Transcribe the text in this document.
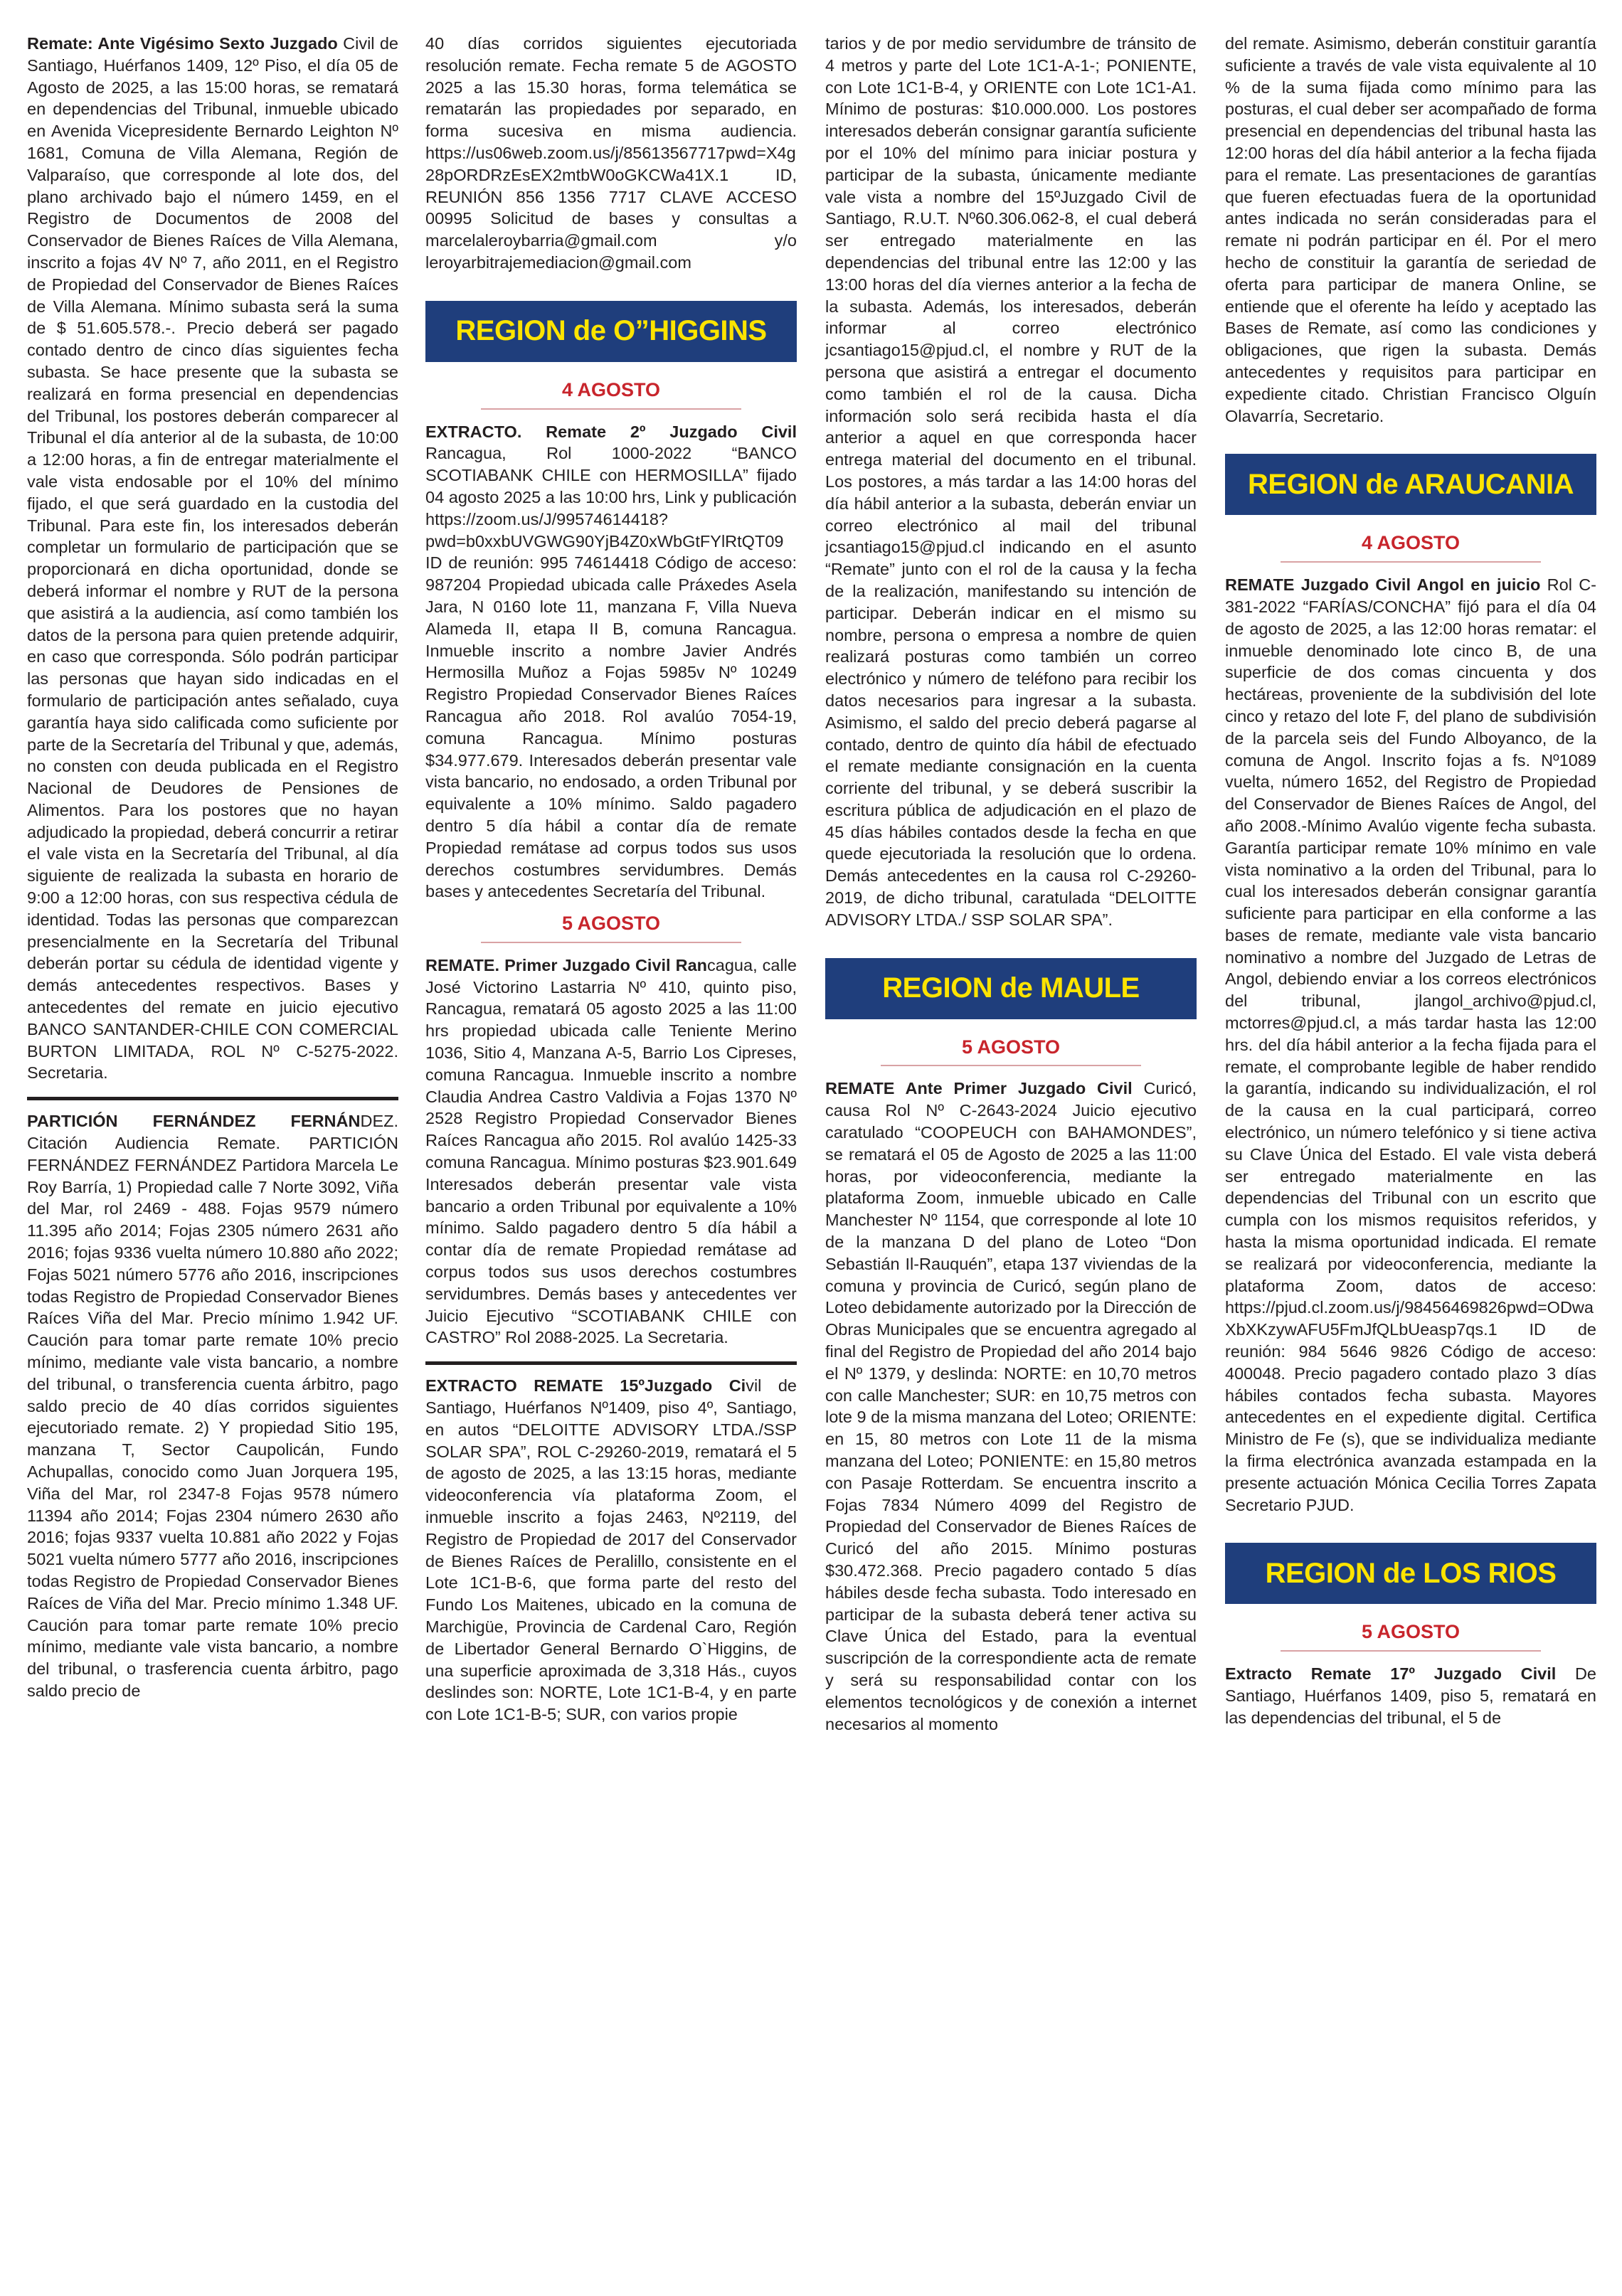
Remate: Ante Vigésimo Sexto Juzgado Civil de Santiago, Huérfanos 1409, 12º Piso, el día 05 de Agosto de 2025, a las 15:00 horas, se rematará en dependencias del Tribunal, inmueble ubicado en Avenida Vicepresidente Bernardo Leighton Nº 1681, Comuna de Villa Alemana, Región de Valparaíso, que corresponde al lote dos, del plano archivado bajo el número 1459, en el Registro de Documentos de 2008 del Conservador de Bienes Raíces de Villa Alemana, inscrito a fojas 4V Nº 7, año 2011, en el Registro de Propiedad del Conservador de Bienes Raíces de Villa Alemana. Mínimo subasta será la suma de $ 51.605.578.-. Precio deberá ser pagado contado dentro de cinco días siguientes fecha subasta. Se hace presente que la subasta se realizará en forma presencial en dependencias del Tribunal, los postores deberán comparecer al Tribunal el día anterior al de la subasta, de 10:00 a 12:00 horas, a fin de entregar materialmente el vale vista endosable por el 10% del mínimo fijado, el que será guardado en la custodia del Tribunal. Para este fin, los interesados deberán completar un formulario de participación que se proporcionará en dicha oportunidad, donde se deberá informar el nombre y RUT de la persona que asistirá a la audiencia, así como también los datos de la persona para quien pretende adquirir, en caso que corresponda. Sólo podrán participar las personas que hayan sido indicadas en el formulario de participación antes señalado, cuya garantía haya sido calificada como suficiente por parte de la Secretaría del Tribunal y que, además, no consten con deuda publicada en el Registro Nacional de Deudores de Pensiones de Alimentos. Para los postores que no hayan adjudicado la propiedad, deberá concurrir a retirar el vale vista en la Secretaría del Tribunal, al día siguiente de realizada la subasta en horario de 9:00 a 12:00 horas, con sus respectiva cédula de identidad. Todas las personas que comparezcan presencialmente en la Secretaría del Tribunal deberán portar su cédula de identidad vigente y demás antecedentes respectivos. Bases y antecedentes del remate en juicio ejecutivo BANCO SANTANDER-CHILE CON COMERCIAL BURTON LIMITADA, ROL Nº C-5275-2022. Secretaria.

PARTICIÓN FERNÁNDEZ FERNÁNDEZ. Citación Audiencia Remate. PARTICIÓN FERNÁNDEZ FERNÁNDEZ Partidora Marcela Le Roy Barría, 1) Propiedad calle 7 Norte 3092, Viña del Mar, rol 2469 - 488. Fojas 9579 número 11.395 año 2014; Fojas 2305 número 2631 año 2016; fojas 9336 vuelta número 10.880 año 2022; Fojas 5021 número 5776 año 2016, inscripciones todas Registro de Propiedad Conservador Bienes Raíces Viña del Mar. Precio mínimo 1.942 UF. Caución para tomar parte remate 10% precio mínimo, mediante vale vista bancario, a nombre del tribunal, o transferencia cuenta árbitro, pago saldo precio de 40 días corridos siguientes ejecutoriado remate. 2) Y propiedad Sitio 195, manzana T, Sector Caupolicán, Fundo Achupallas, conocido como Juan Jorquera 195, Viña del Mar, rol 2347-8 Fojas 9578 número 11394 año 2014; Fojas 2304 número 2630 año 2016; fojas 9337 vuelta 10.881 año 2022 y Fojas 5021 vuelta número 5777 año 2016, inscripciones todas Registro de Propiedad Conservador Bienes Raíces de Viña del Mar. Precio mínimo 1.348 UF. Caución para tomar parte remate 10% precio mínimo, mediante vale vista bancario, a nombre del tribunal, o trasferencia cuenta árbitro, pago saldo precio de

40 días corridos siguientes ejecutoriada resolución remate. Fecha remate 5 de AGOSTO 2025 a las 15.30 horas, forma telemática se rematarán las propiedades por separado, en forma sucesiva en misma audiencia. https://us06web.zoom.us/j/85613567717pwd=X4g28pORDRzEsEX2mtbW0oGKCWa41X.1 ID, REUNIÓN 856 1356 7717 CLAVE ACCESO 00995 Solicitud de bases y consultas a marcelaleroybarria@gmail.com y/o leroyarbitrajemediacion@gmail.com

REGION de O”HIGGINS
4 AGOSTO

EXTRACTO. Remate 2º Juzgado Civil Rancagua, Rol 1000-2022 “BANCO SCOTIABANK CHILE con HERMOSILLA” fijado 04 agosto 2025 a las 10:00 hrs, Link y publicación https://zoom.us/J/99574614418?pwd=b0xxbUVGWG90YjB4Z0xWbGtFYlRtQT09 ID de reunión: 995 74614418 Código de acceso: 987204 Propiedad ubicada calle Práxedes Asela Jara, N 0160 lote 11, manzana F, Villa Nueva Alameda II, etapa II B, comuna Rancagua. Inmueble inscrito a nombre Javier Andrés Hermosilla Muñoz a Fojas 5985v Nº 10249 Registro Propiedad Conservador Bienes Raíces Rancagua año 2018. Rol avalúo 7054-19, comuna Rancagua. Mínimo posturas $34.977.679. Interesados deberán presentar vale vista bancario, no endosado, a orden Tribunal por equivalente a 10% mínimo. Saldo pagadero dentro 5 día hábil a contar día de remate Propiedad remátase ad corpus todos sus usos derechos costumbres servidumbres. Demás bases y antecedentes Secretaría del Tribunal.

5 AGOSTO

REMATE. Primer Juzgado Civil Rancagua, calle José Victorino Lastarria Nº 410, quinto piso, Rancagua, rematará 05 agosto 2025 a las 11:00 hrs propiedad ubicada calle Teniente Merino 1036, Sitio 4, Manzana A-5, Barrio Los Cipreses, comuna Rancagua. Inmueble inscrito a nombre Claudia Andrea Castro Valdivia a Fojas 1370 Nº 2528 Registro Propiedad Conservador Bienes Raíces Rancagua año 2015. Rol avalúo 1425-33 comuna Rancagua. Mínimo posturas $23.901.649 Interesados deberán presentar vale vista bancario a orden Tribunal por equivalente a 10% mínimo. Saldo pagadero dentro 5 día hábil a contar día de remate Propiedad remátase ad corpus todos sus usos derechos costumbres servidumbres. Demás bases y antecedentes ver Juicio Ejecutivo “SCOTIABANK CHILE con CASTRO” Rol 2088-2025. La Secretaria.

EXTRACTO REMATE 15ºJuzgado Civil de Santiago, Huérfanos Nº1409, piso 4º, Santiago, en autos “DELOITTE ADVISORY LTDA./SSP SOLAR SPA”, ROL C-29260-2019, rematará el 5 de agosto de 2025, a las 13:15 horas, mediante videoconferencia vía plataforma Zoom, el inmueble inscrito a fojas 2463, Nº2119, del Registro de Propiedad de 2017 del Conservador de Bienes Raíces de Peralillo, consistente en el Lote 1C1-B-6, que forma parte del resto del Fundo Los Maitenes, ubicado en la comuna de Marchigüe, Provincia de Cardenal Caro, Región de Libertador General Bernardo O`Higgins, de una superficie aproximada de 3,318 Hás., cuyos deslindes son: NORTE, Lote 1C1-B-4, y en parte con Lote 1C1-B-5; SUR, con varios propie

tarios y de por medio servidumbre de tránsito de 4 metros y parte del Lote 1C1-A-1-; PONIENTE, con Lote 1C1-B-4, y ORIENTE con Lote 1C1-A1. Mínimo de posturas: $10.000.000. Los postores interesados deberán consignar garantía suficiente por el 10% del mínimo para iniciar postura y participar de la subasta, únicamente mediante vale vista a nombre del 15ºJuzgado Civil de Santiago, R.U.T. Nº60.306.062-8, el cual deberá ser entregado materialmente en las dependencias del tribunal entre las 12:00 y las 13:00 horas del día viernes anterior a la fecha de la subasta. Además, los interesados, deberán informar al correo electrónico jcsantiago15@pjud.cl, el nombre y RUT de la persona que asistirá a entregar el documento como también el rol de la causa. Dicha información solo será recibida hasta el día anterior a aquel en que corresponda hacer entrega material del documento en el tribunal. Los postores, a más tardar a las 14:00 horas del día hábil anterior a la subasta, deberán enviar un correo electrónico al mail del tribunal jcsantiago15@pjud.cl indicando en el asunto “Remate” junto con el rol de la causa y la fecha de la realización, manifestando su intención de participar. Deberán indicar en el mismo su nombre, persona o empresa a nombre de quien realizará posturas como también un correo electrónico y número de teléfono para recibir los datos necesarios para ingresar a la subasta. Asimismo, el saldo del precio deberá pagarse al contado, dentro de quinto día hábil de efectuado el remate mediante consignación en la cuenta corriente del tribunal, y se deberá suscribir la escritura pública de adjudicación en el plazo de 45 días hábiles contados desde la fecha en que quede ejecutoriada la resolución que lo ordena. Demás antecedentes en la causa rol C-29260-2019, de dicho tribunal, caratulada “DELOITTE ADVISORY LTDA./ SSP SOLAR SPA”.

REGION de MAULE
5 AGOSTO

REMATE Ante Primer Juzgado Civil Curicó, causa Rol Nº C-2643-2024 Juicio ejecutivo caratulado “COOPEUCH con BAHAMONDES”, se rematará el 05 de Agosto de 2025 a las 11:00 horas, por videoconferencia, mediante la plataforma Zoom, inmueble ubicado en Calle Manchester Nº 1154, que corresponde al lote 10 de la manzana D del plano de Loteo “Don Sebastián Il-Rauquén”, etapa 137 viviendas de la comuna y provincia de Curicó, según plano de Loteo debidamente autorizado por la Dirección de Obras Municipales que se encuentra agregado al final del Registro de Propiedad del año 2014 bajo el Nº 1379, y deslinda: NORTE: en 10,70 metros con calle Manchester; SUR: en 10,75 metros con lote 9 de la misma manzana del Loteo; ORIENTE: en 15, 80 metros con Lote 11 de la misma manzana del Loteo; PONIENTE: en 15,80 metros con Pasaje Rotterdam. Se encuentra inscrito a Fojas 7834 Número 4099 del Registro de Propiedad del Conservador de Bienes Raíces de Curicó del año 2015. Mínimo posturas $30.472.368. Precio pagadero contado 5 días hábiles desde fecha subasta. Todo interesado en participar de la subasta deberá tener activa su Clave Única del Estado, para la eventual suscripción de la correspondiente acta de remate y será su responsabilidad contar con los elementos tecnológicos y de conexión a internet necesarios al momento

del remate. Asimismo, deberán constituir garantía suficiente a través de vale vista equivalente al 10 % de la suma fijada como mínimo para las posturas, el cual deber ser acompañado de forma presencial en dependencias del tribunal hasta las 12:00 horas del día hábil anterior a la fecha fijada para el remate. Las presentaciones de garantías que fueren efectuadas fuera de la oportunidad antes indicada no serán consideradas para el remate ni podrán participar en él. Por el mero hecho de constituir la garantía de seriedad de oferta para participar de manera Online, se entiende que el oferente ha leído y aceptado las Bases de Remate, así como las condiciones y obligaciones, que rigen la subasta. Demás antecedentes y requisitos para participar en expediente citado. Christian Francisco Olguín Olavarría, Secretario.

REGION de ARAUCANIA
4 AGOSTO

REMATE Juzgado Civil Angol en juicio Rol C-381-2022 “FARÍAS/CONCHA” fijó para el día 04 de agosto de 2025, a las 12:00 horas rematar: el inmueble denominado lote cinco B, de una superficie de dos comas cincuenta y dos hectáreas, proveniente de la subdivisión del lote cinco y retazo del lote F, del plano de subdivisión de la parcela seis del Fundo Alboyanco, de la comuna de Angol. Inscrito fojas a fs. Nº1089 vuelta, número 1652, del Registro de Propiedad del Conservador de Bienes Raíces de Angol, del año 2008.-Mínimo Avalúo vigente fecha subasta. Garantía participar remate 10% mínimo en vale vista nominativo a la orden del Tribunal, para lo cual los interesados deberán consignar garantía suficiente para participar en ella conforme a las bases de remate, mediante vale vista bancario nominativo a nombre del Juzgado de Letras de Angol, debiendo enviar a los correos electrónicos del tribunal, jlangol_archivo@pjud.cl, mctorres@pjud.cl, a más tardar hasta las 12:00 hrs. del día hábil anterior a la fecha fijada para el remate, el comprobante legible de haber rendido la garantía, indicando su individualización, el rol de la causa en la cual participará, correo electrónico, un número telefónico y si tiene activa su Clave Única del Estado. El vale vista deberá ser entregado materialmente en las dependencias del Tribunal con un escrito que cumpla con los mismos requisitos referidos, y hasta la misma oportunidad indicada. El remate se realizará por videoconferencia, mediante la plataforma Zoom, datos de acceso: https://pjud.cl.zoom.us/j/98456469826pwd=ODwaXbXKzywAFU5FmJfQLbUeasp7qs.1 ID de reunión: 984 5646 9826 Código de acceso: 400048. Precio pagadero contado plazo 3 días hábiles contados fecha subasta. Mayores antecedentes en el expediente digital. Certifica Ministro de Fe (s), que se individualiza mediante la firma electrónica avanzada estampada en la presente actuación Mónica Cecilia Torres Zapata Secretario PJUD.

REGION de LOS RIOS
5 AGOSTO

Extracto Remate 17º Juzgado Civil De Santiago, Huérfanos 1409, piso 5, rematará en las dependencias del tribunal, el 5 de
